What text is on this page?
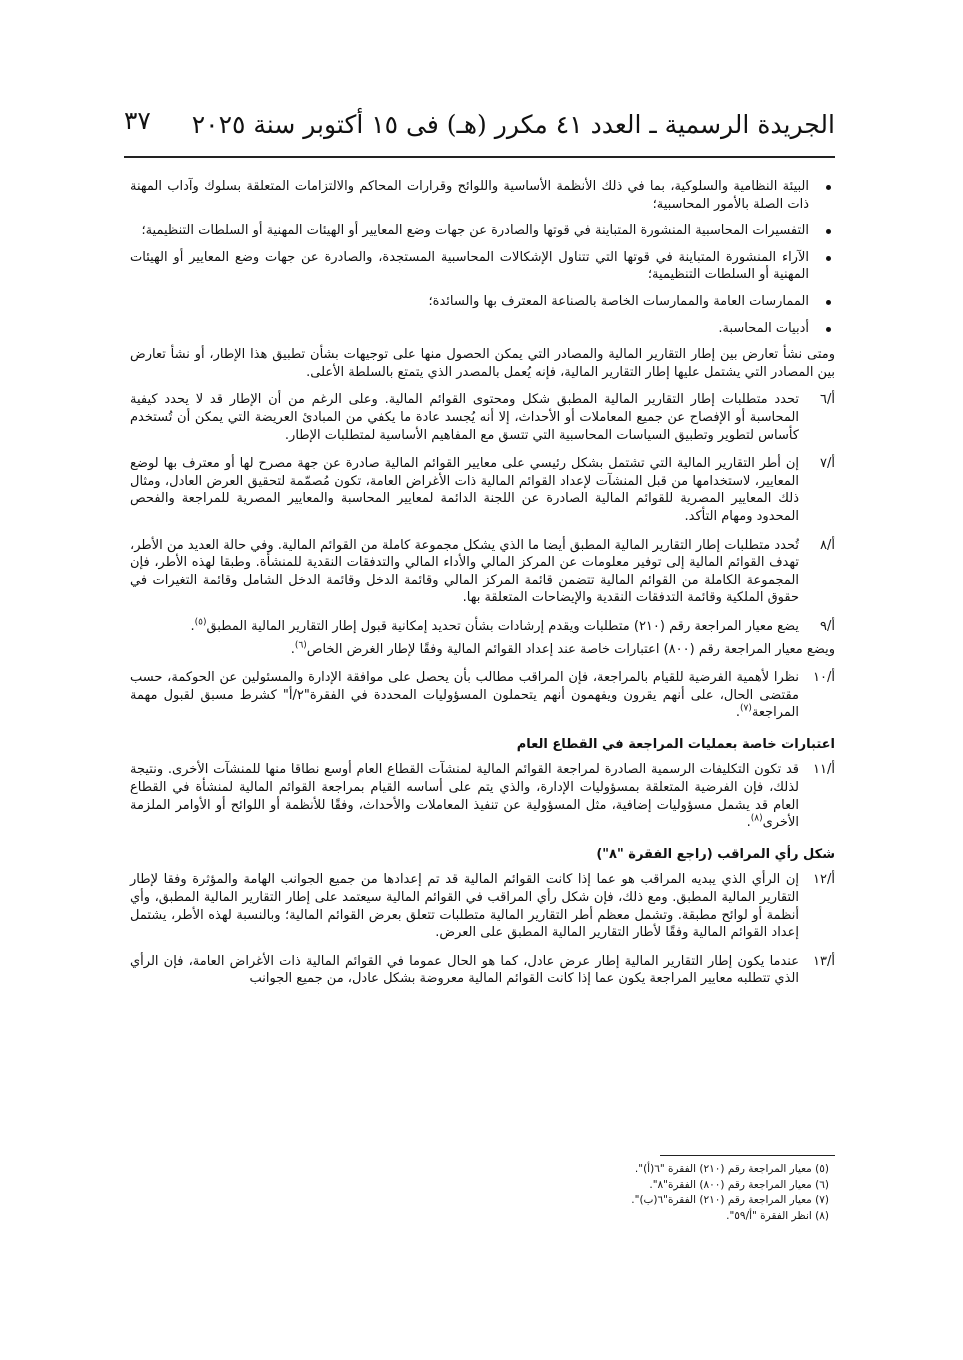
الجريدة الرسمية ـ العدد ٤١ مكرر (هـ) فى ١٥ أكتوبر سنة ٢٠٢٥
٣٧
البيئة النظامية والسلوكية، بما في ذلك الأنظمة الأساسية واللوائح وقرارات المحاكم والالتزامات المتعلقة بسلوك وآداب المهنة ذات الصلة بالأمور المحاسبية؛
التفسيرات المحاسبية المنشورة المتباينة في قوتها والصادرة عن جهات وضع المعايير أو الهيئات المهنية أو السلطات التنظيمية؛
الآراء المنشورة المتباينة في قوتها التي تتناول الإشكالات المحاسبية المستجدة، والصادرة عن جهات وضع المعايير أو الهيئات المهنية أو السلطات التنظيمية؛
الممارسات العامة والممارسات الخاصة بالصناعة المعترف بها والسائدة؛
أدبيات المحاسبة.

ومتى نشأ تعارض بين إطار التقارير المالية والمصادر التي يمكن الحصول منها على توجيهات بشأن تطبيق هذا الإطار، أو نشأ تعارض بين المصادر التي يشتمل عليها إطار التقارير المالية، فإنه يُعمل بالمصدر الذي يتمتع بالسلطة الأعلى.

أ/٦
تحدد متطلبات إطار التقارير المالية المطبق شكل ومحتوى القوائم المالية. وعلى الرغم من أن الإطار قد لا يحدد كيفية المحاسبة أو الإفصاح عن جميع المعاملات أو الأحداث، إلا أنه يُجسد عادة ما يكفي من المبادئ العريضة التي يمكن أن تُستخدم كأساس لتطوير وتطبيق السياسات المحاسبية التي تتسق مع المفاهيم الأساسية لمتطلبات الإطار.
أ/٧
إن أطر التقارير المالية التي تشتمل بشكل رئيسي على معايير القوائم المالية صادرة عن جهة مصرح لها أو معترف بها لوضع المعايير، لاستخدامها من قبل المنشآت لإعداد القوائم المالية ذات الأغراض العامة، تكون مُصمّمة لتحقيق العرض العادل، ومثال ذلك المعايير المصرية للقوائم المالية الصادرة عن اللجنة الدائمة لمعايير المحاسبة والمعايير المصرية للمراجعة والفحص المحدود ومهام التأكد.
أ/٨
تُحدد متطلبات إطار التقارير المالية المطبق أيضا ما الذي يشكل مجموعة كاملة من القوائم المالية. وفي حالة العديد من الأطر، تهدف القوائم المالية إلى توفير معلومات عن المركز المالي والأداء المالي والتدفقات النقدية للمنشأة. وطبقا لهذه الأطر، فإن المجموعة الكاملة من القوائم المالية تتضمن قائمة المركز المالي وقائمة الدخل وقائمة الدخل الشامل وقائمة التغيرات في حقوق الملكية وقائمة التدفقات النقدية والإيضاحات المتعلقة بها.
أ/٩
يضع معيار المراجعة رقم (٢١٠) متطلبات ويقدم إرشادات بشأن تحديد إمكانية قبول إطار التقارير المالية المطبق$^{(٥)}$.

ويضع معيار المراجعة رقم (٨٠٠) اعتبارات خاصة عند إعداد القوائم المالية وفقًا لإطار الغرض الخاص$^{(٦)}$.

أ/١٠
نظرا لأهمية الفرضية للقيام بالمراجعة، فإن المراقب مطالب بأن يحصل على موافقة الإدارة والمسئولين عن الحوكمة، حسب مقتضى الحال، على أنهم يقرون ويفهمون أنهم يتحملون المسؤوليات المحددة في الفقرة"٢/أ" كشرط مسبق لقبول مهمة المراجعة$^{(٧)}$.
اعتبارات خاصة بعمليات المراجعة في القطاع العام
أ/١١
قد تكون التكليفات الرسمية الصادرة لمراجعة القوائم المالية لمنشآت القطاع العام أوسع نطاقا منها للمنشآت الأخرى. ونتيجة لذلك، فإن الفرضية المتعلقة بمسؤوليات الإدارة، والذي يتم على أساسه القيام بمراجعة القوائم المالية لمنشأة في القطاع العام قد يشمل مسؤوليات إضافية، مثل المسؤولية عن تنفيذ المعاملات والأحداث، وفقًا للأنظمة أو اللوائح أو الأوامر الملزمة الأخرى$^{(٨)}$.
شكل رأي المراقب (راجع الفقرة "٨")
أ/١٢
إن الرأي الذي يبديه المراقب هو عما إذا كانت القوائم المالية قد تم إعدادها من جميع الجوانب الهامة والمؤثرة وفقا لإطار التقارير المالية المطبق. ومع ذلك، فإن شكل رأي المراقب في القوائم المالية سيعتمد على إطار التقارير المالية المطبق، وأي أنظمة أو لوائح مطبقة. وتشمل معظم أطر التقارير المالية متطلبات تتعلق بعرض القوائم المالية؛ وبالنسبة لهذه الأطر، يشتمل إعداد القوائم المالية وفقًا لأطار التقارير المالية المطبق على العرض.
أ/١٣
عندما يكون إطار التقارير المالية إطار عرض عادل، كما هو الحال عموما في القوائم المالية ذات الأغراض العامة، فإن الرأي الذي تتطلبه معايير المراجعة يكون عما إذا كانت القوائم المالية معروضة بشكل عادل، من جميع الجوانب
(٥) معيار المراجعة رقم (٢١٠) الفقرة "٦(أ)".
(٦) معيار المراجعة رقم (٨٠٠) الفقرة"٨".
(٧) معيار المراجعة رقم (٢١٠) الفقرة"٦(ب)".
(٨) انظر الفقرة "أ/٥٩".
